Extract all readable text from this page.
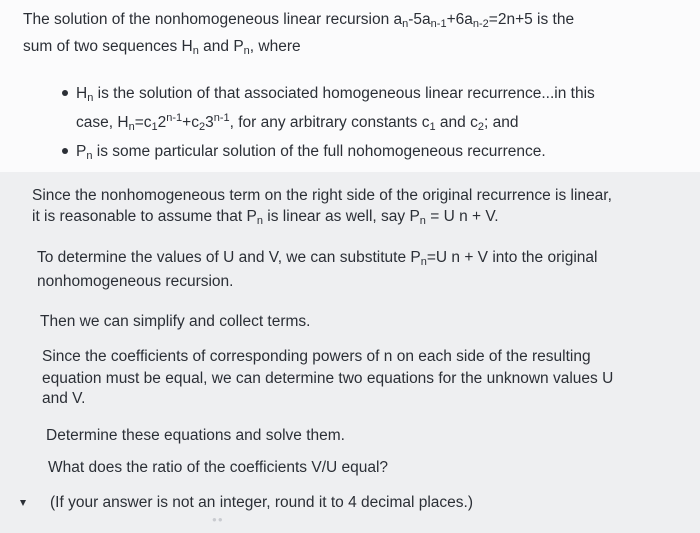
The solution of the nonhomogeneous linear recursion $a_n-5a_{n-1}+6a_{n-2}=2n+5$ is the
sum of two sequences $H_n$ and $P_n$, where
$H_n$ is the solution of that associated homogeneous linear recurrence...in this
case, $H_n=c_12^{n-1}+c_23^{n-1}$, for any arbitrary constants $c_1$ and $c_2$; and
$P_n$ is some particular solution of the full nohomogeneous recurrence.
Since the nonhomogeneous term on the right side of the original recurrence is linear,
it is reasonable to assume that $P_n$ is linear as well, say $P_n = U$ n + V.
To determine the values of U and V, we can substitute $P_n=U$ n + V into the original
nonhomogeneous recursion.
Then we can simplify and collect terms.
Since the coefficients of corresponding powers of n on each side of the resulting
equation must be equal, we can determine two equations for the unknown values U
and V.
Determine these equations and solve them.
What does the ratio of the coefficients V/U equal?
(If your answer is not an integer, round it to 4 decimal places.)
●●
